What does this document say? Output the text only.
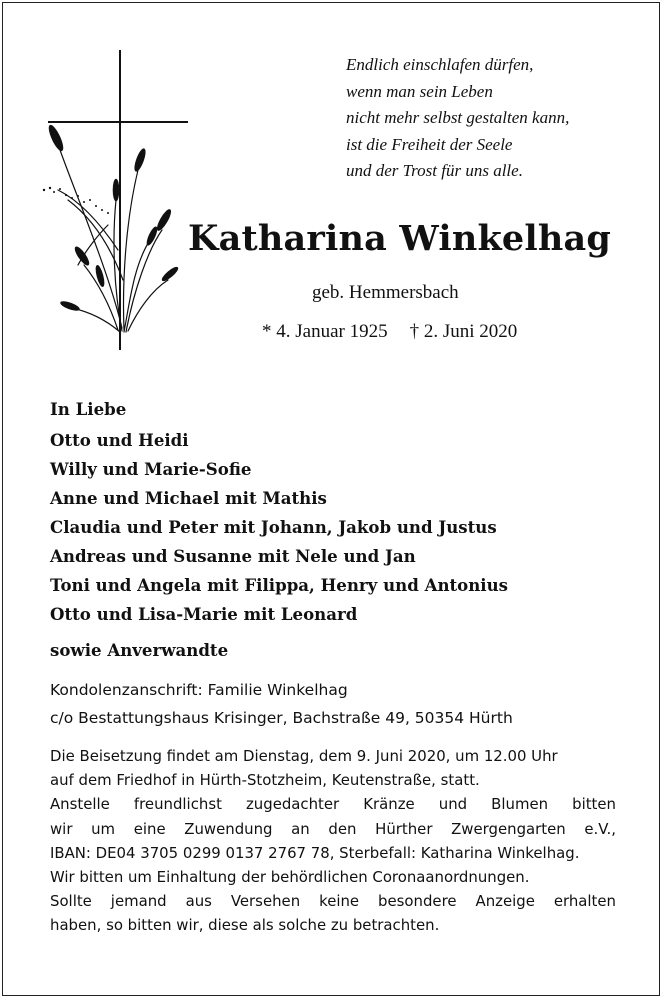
Endlich einschlafen dürfen,
wenn man sein Leben
nicht mehr selbst gestalten kann,
ist die Freiheit der Seele
und der Trost für uns alle.
Katharina Winkelhag
geb. Hemmersbach
* 4. Januar 1925 † 2. Juni 2020
In Liebe
Otto und Heidi
Willy und Marie-Sofie
Anne und Michael mit Mathis
Claudia und Peter mit Johann, Jakob und Justus
Andreas und Susanne mit Nele und Jan
Toni und Angela mit Filippa, Henry und Antonius
Otto und Lisa-Marie mit Leonard
sowie Anverwandte
Kondolenzanschrift: Familie Winkelhag
c/o Bestattungshaus Krisinger, Bachstraße 49, 50354 Hürth
Die Beisetzung findet am Dienstag, dem 9. Juni 2020, um 12.00 Uhr
auf dem Friedhof in Hürth-Stotzheim, Keutenstraße, statt.
Anstelle freundlichst zugedachter Kränze und Blumen bitten
wir um eine Zuwendung an den Hürther Zwergengarten e.V.,
IBAN: DE04 3705 0299 0137 2767 78, Sterbefall: Katharina Winkelhag.
Wir bitten um Einhaltung der behördlichen Coronaanordnungen.
Sollte jemand aus Versehen keine besondere Anzeige erhalten
haben, so bitten wir, diese als solche zu betrachten.
